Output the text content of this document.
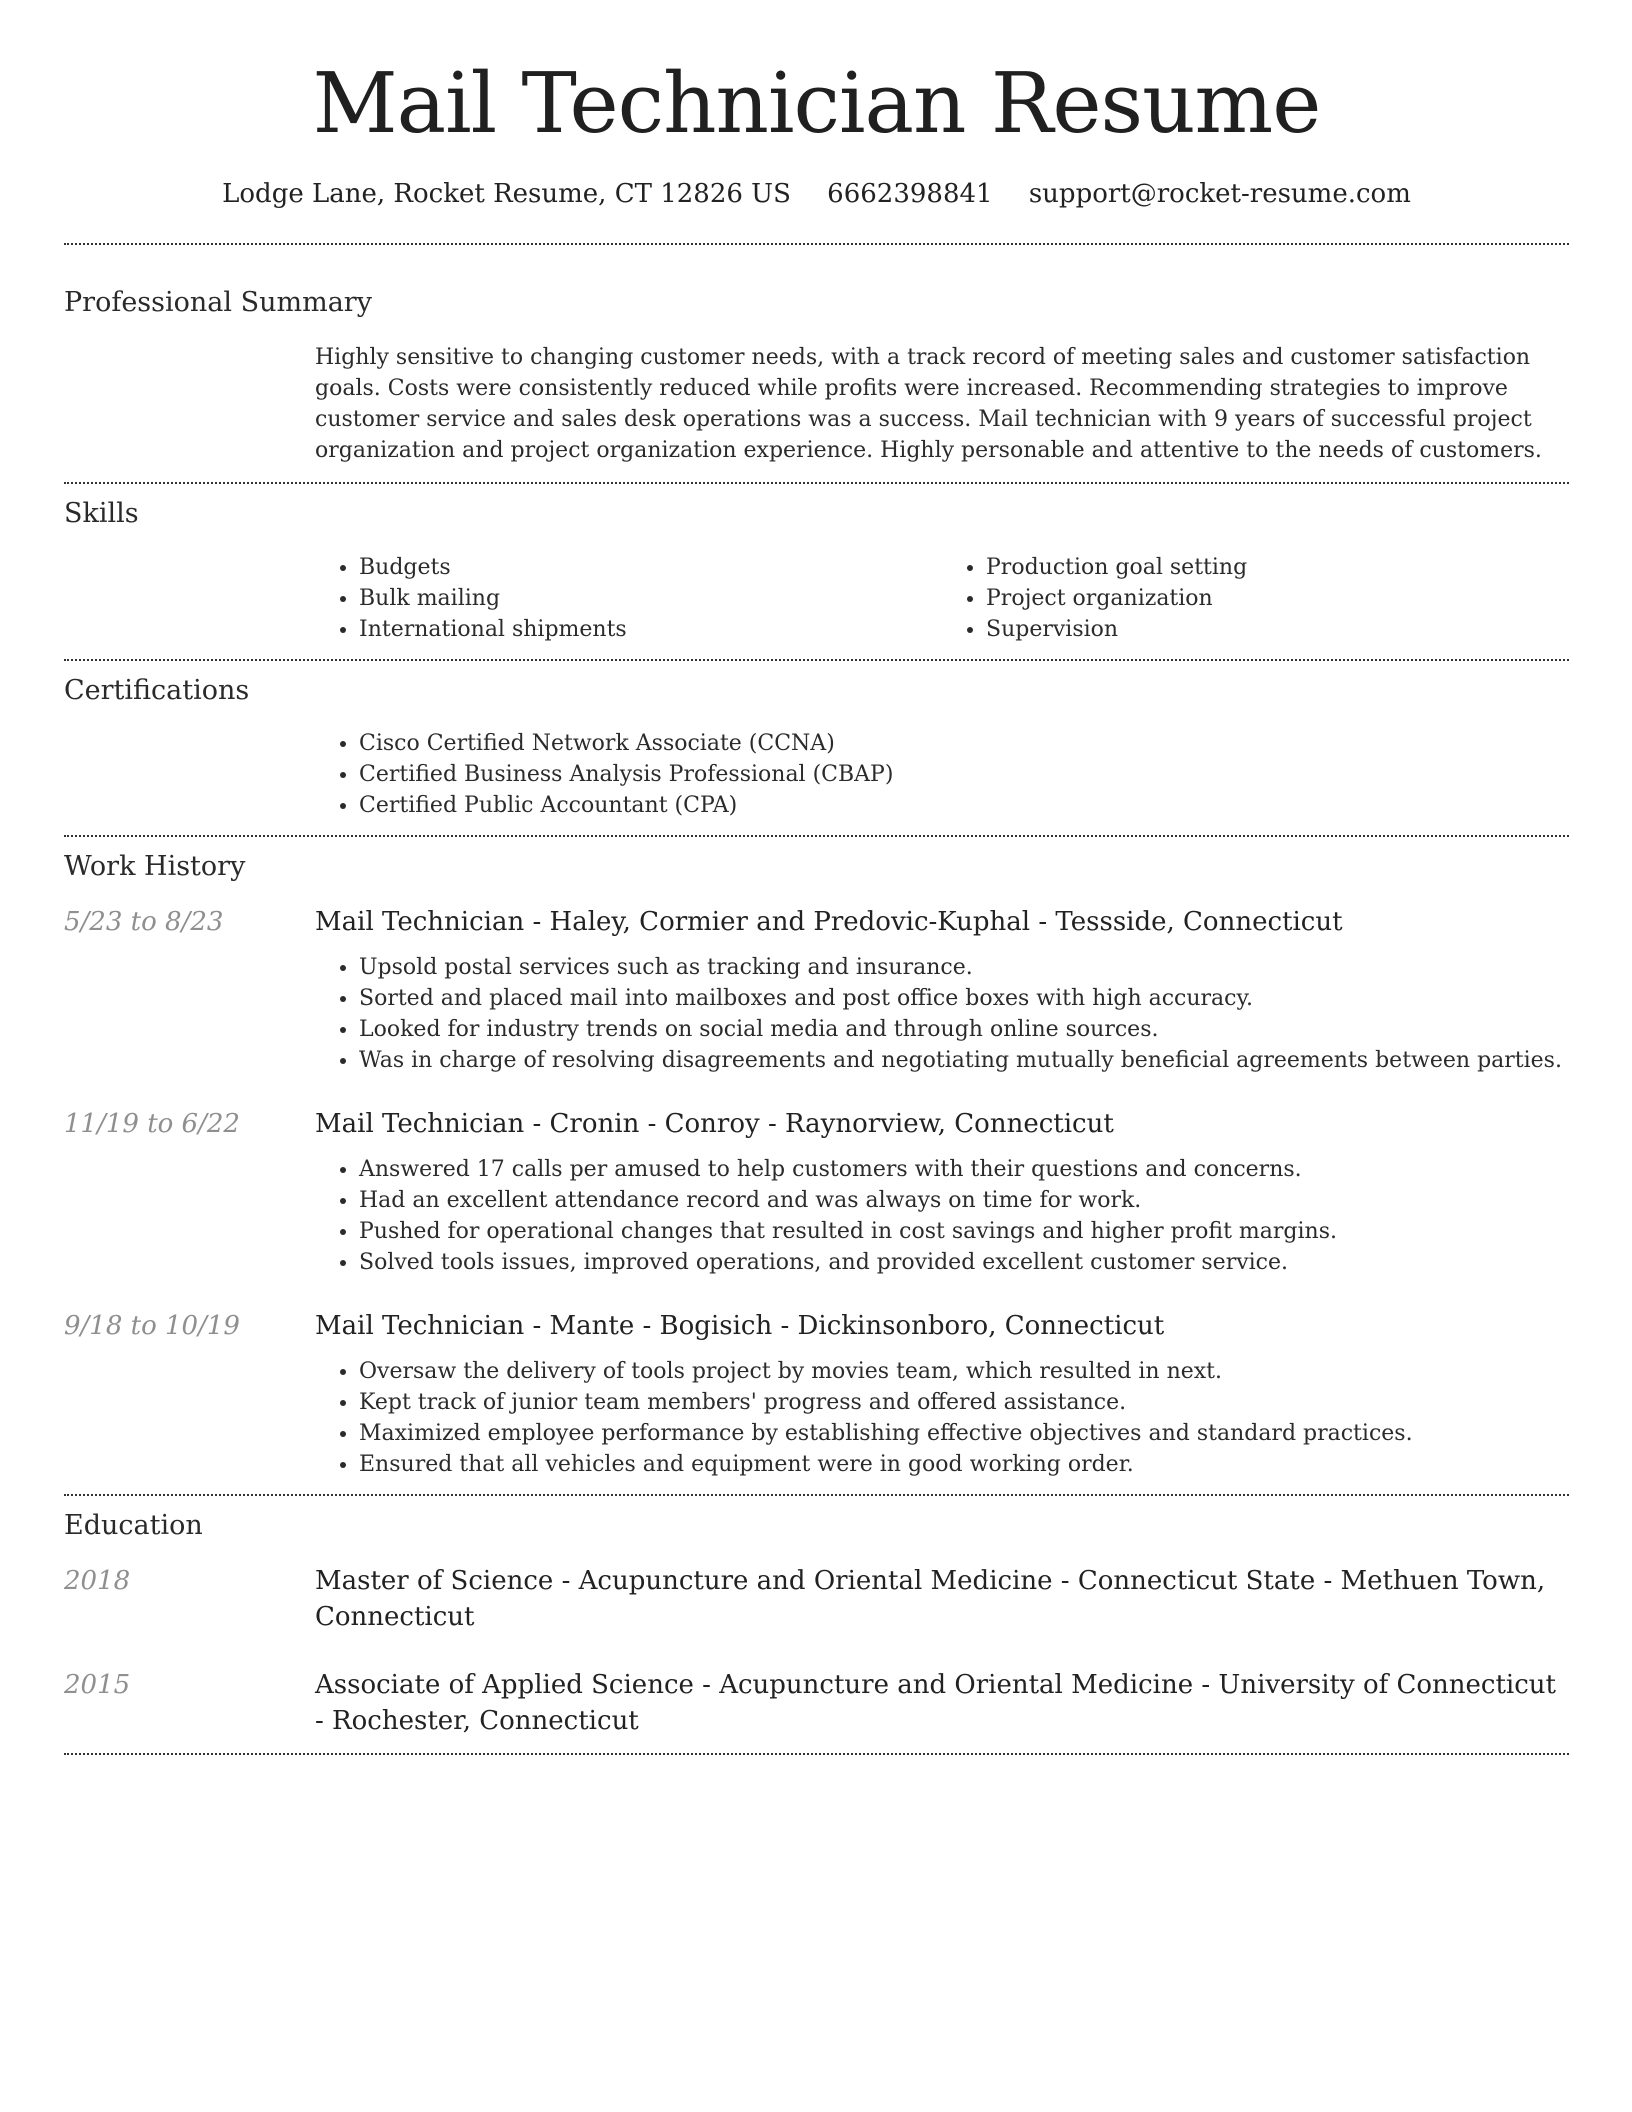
Mail Technician Resume
Lodge Lane, Rocket Resume, CT 12826 US 6662398841 support@rocket-resume.com
Professional Summary

Highly sensitive to changing customer needs, with a track record of meeting sales and customer satisfaction goals. Costs were consistently reduced while profits were increased. Recommending strategies to improve customer service and sales desk operations was a success. Mail technician with 9 years of successful project organization and project organization experience. Highly personable and attentive to the needs of customers.

Skills
• Budgets
• Bulk mailing
• International shipments
• Production goal setting
• Project organization
• Supervision
Certifications
• Cisco Certified Network Associate (CCNA)
• Certified Business Analysis Professional (CBAP)
• Certified Public Accountant (CPA)
Work History
5/23 to 8/23	Mail Technician - Haley, Cormier and Predovic-Kuphal - Tessside, Connecticut
• Upsold postal services such as tracking and insurance.
• Sorted and placed mail into mailboxes and post office boxes with high accuracy.
• Looked for industry trends on social media and through online sources.
• Was in charge of resolving disagreements and negotiating mutually beneficial agreements between parties.
11/19 to 6/22	Mail Technician - Cronin - Conroy - Raynorview, Connecticut
• Answered 17 calls per amused to help customers with their questions and concerns.
• Had an excellent attendance record and was always on time for work.
• Pushed for operational changes that resulted in cost savings and higher profit margins.
• Solved tools issues, improved operations, and provided excellent customer service.
9/18 to 10/19	Mail Technician - Mante - Bogisich - Dickinsonboro, Connecticut
• Oversaw the delivery of tools project by movies team, which resulted in next.
• Kept track of junior team members' progress and offered assistance.
• Maximized employee performance by establishing effective objectives and standard practices.
• Ensured that all vehicles and equipment were in good working order.
Education
2018	Master of Science - Acupuncture and Oriental Medicine - Connecticut State - Methuen Town, Connecticut
2015	Associate of Applied Science - Acupuncture and Oriental Medicine - University of Connecticut - Rochester, Connecticut
